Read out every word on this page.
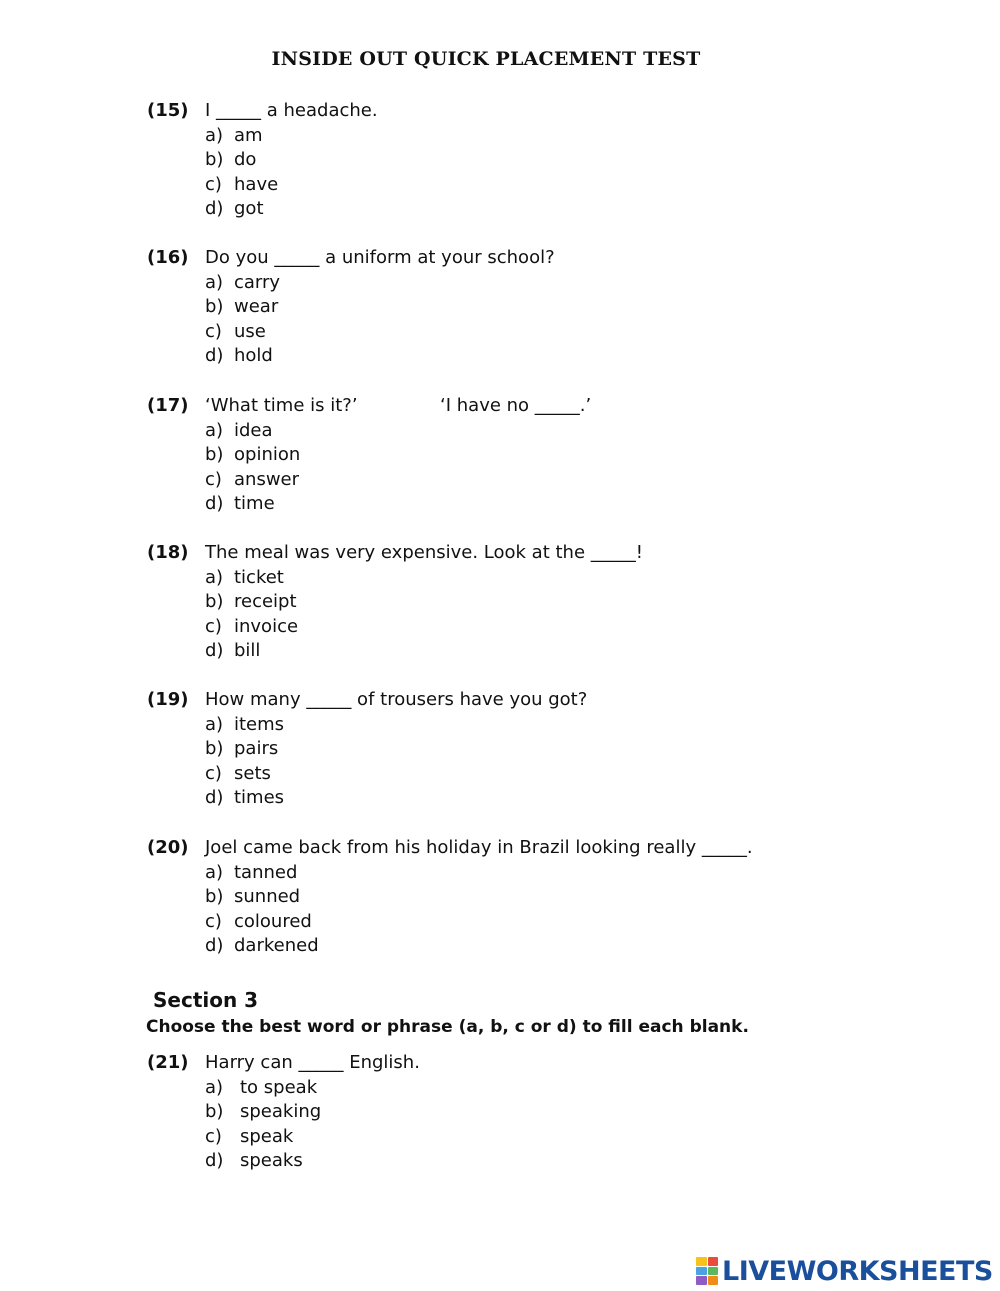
INSIDE OUT QUICK PLACEMENT TEST
(15) I _____ a headache.
a) am
b) do
c) have
d) got
(16) Do you _____ a uniform at your school?
a) carry
b) wear
c) use
d) hold
(17) ‘What time is it?’	‘I have no _____.’
a) idea
b) opinion
c) answer
d) time
(18) The meal was very expensive. Look at the _____!
a) ticket
b) receipt
c) invoice
d) bill
(19) How many _____ of trousers have you got?
a) items
b) pairs
c) sets
d) times
(20) Joel came back from his holiday in Brazil looking really _____.
a) tanned
b) sunned
c) coloured
d) darkened
Section 3
Choose the best word or phrase (a, b, c or d) to fill each blank.
(21) Harry can _____ English.
a) to speak
b) speaking
c) speak
d) speaks
LIVEWORKSHEETS
